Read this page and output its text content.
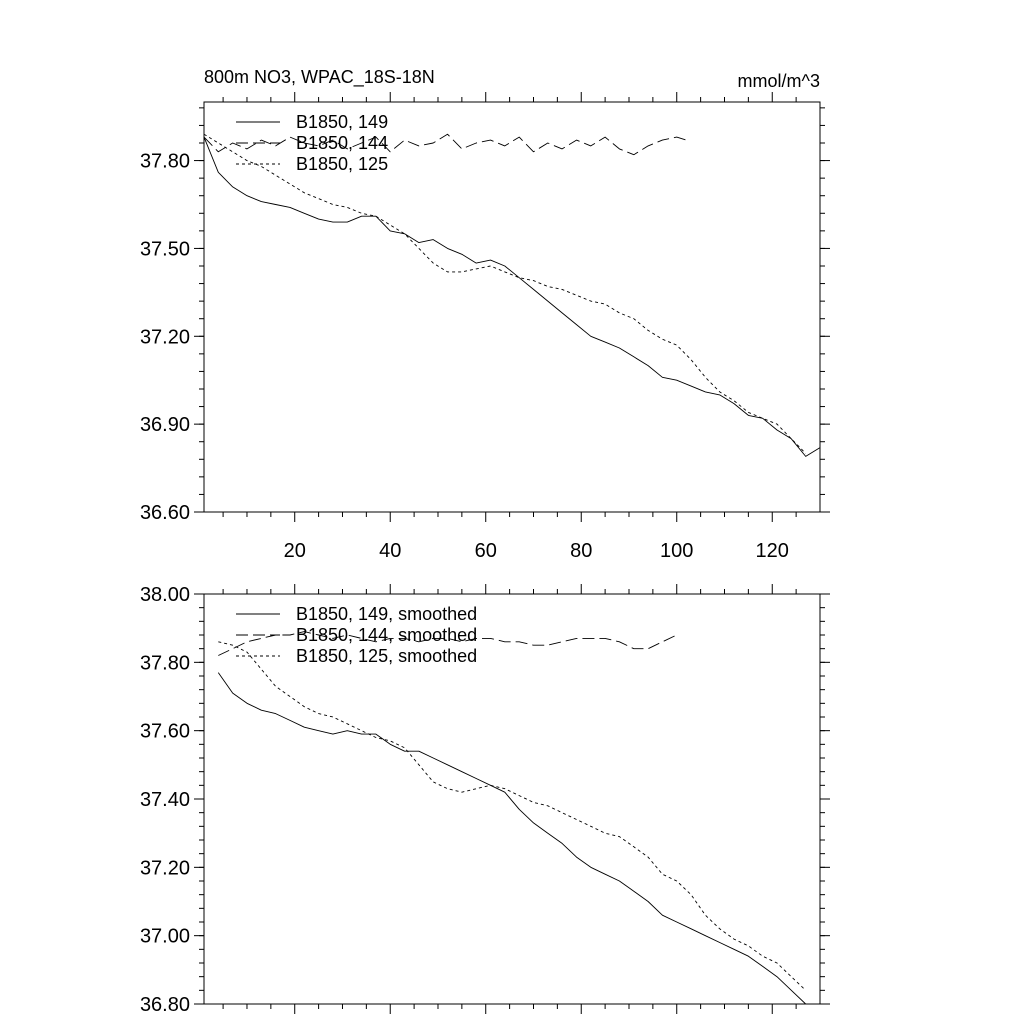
800m NO3, WPAC_18S-18N	mmol/m^3
36.60
36.90
37.20
37.50
37.80
20	40	60	80	100	120
B1850, 149
B1850, 144
B1850, 125
36.80
37.00
37.20
37.40
37.60
37.80
38.00
B1850, 149, smoothed
B1850, 144, smoothed
B1850, 125, smoothed
